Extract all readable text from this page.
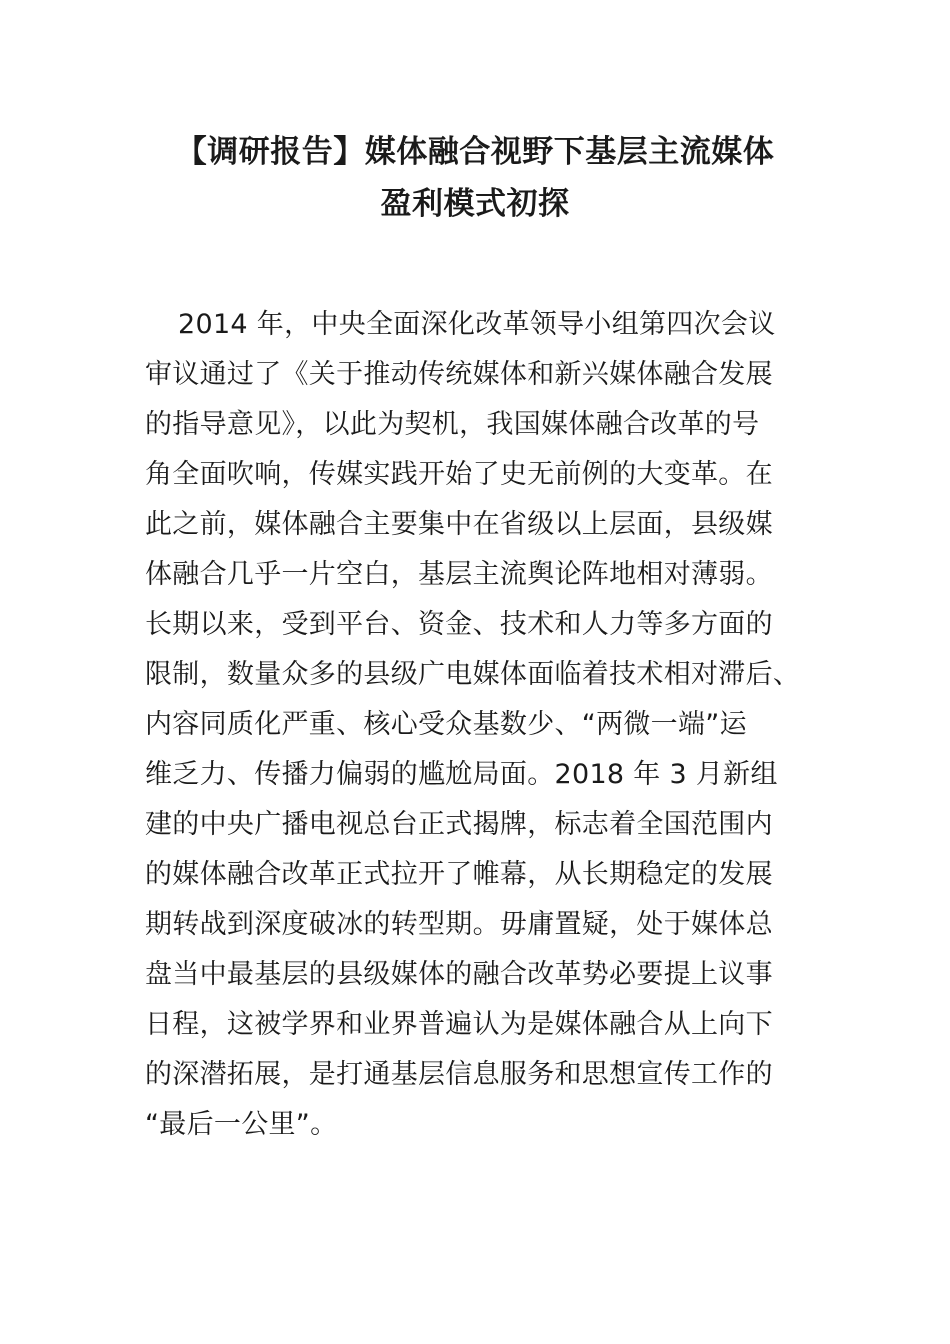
【调研报告】媒体融合视野下基层主流媒体
盈利模式初探
2014 年，中央全面深化改革领导小组第四次会议
审议通过了《关于推动传统媒体和新兴媒体融合发展
的指导意见》，以此为契机，我国媒体融合改革的号
角全面吹响，传媒实践开始了史无前例的大变革。在
此之前，媒体融合主要集中在省级以上层面，县级媒
体融合几乎一片空白，基层主流舆论阵地相对薄弱。
长期以来，受到平台、资金、技术和人力等多方面的
限制，数量众多的县级广电媒体面临着技术相对滞后、
内容同质化严重、核心受众基数少、“两微一端”运
维乏力、传播力偏弱的尴尬局面。2018 年 3 月新组
建的中央广播电视总台正式揭牌，标志着全国范围内
的媒体融合改革正式拉开了帷幕，从长期稳定的发展
期转战到深度破冰的转型期。毋庸置疑，处于媒体总
盘当中最基层的县级媒体的融合改革势必要提上议事
日程，这被学界和业界普遍认为是媒体融合从上向下
的深潜拓展，是打通基层信息服务和思想宣传工作的
“最后一公里”。
